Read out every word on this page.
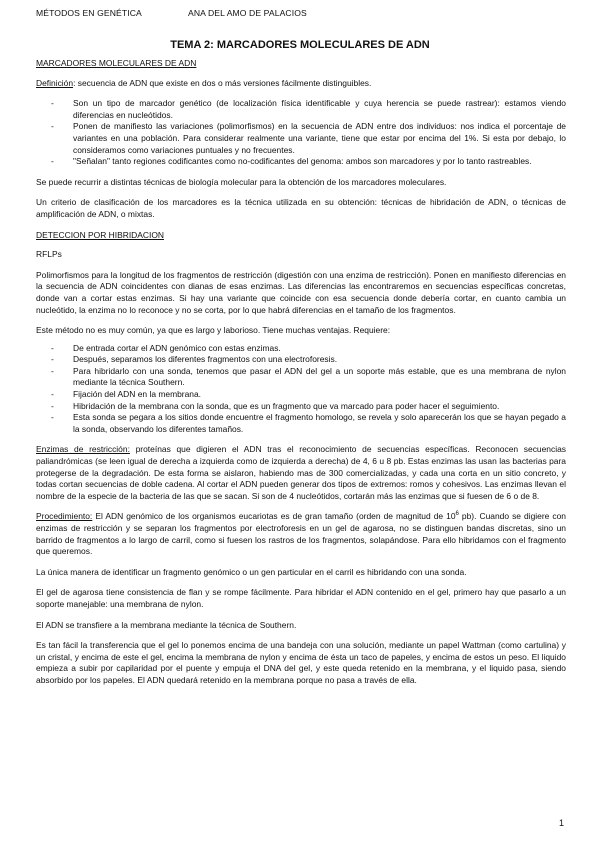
MÉTODOS EN GENÉTICA	ANA DEL AMO DE PALACIOS
TEMA 2: MARCADORES MOLECULARES DE ADN
MARCADORES MOLECULARES DE ADN

Definición: secuencia de ADN que existe en dos o más versiones fácilmente distinguibles.

- Son un tipo de marcador genético (de localización física identificable y cuya herencia se puede rastrear): estamos viendo diferencias en nucleótidos.
- Ponen de manifiesto las variaciones (polimorfismos) en la secuencia de ADN entre dos individuos: nos indica el porcentaje de variantes en una población. Para considerar realmente una variante, tiene que estar por encima del 1%. Si esta por debajo, lo consideramos como variaciones puntuales y no frecuentes.
- "Señalan" tanto regiones codificantes como no-codificantes del genoma: ambos son marcadores y por lo tanto rastreables.

Se puede recurrir a distintas técnicas de biología molecular para la obtención de los marcadores moleculares.

Un criterio de clasificación de los marcadores es la técnica utilizada en su obtención: técnicas de hibridación de ADN, o técnicas de amplificación de ADN, o mixtas.

DETECCION POR HIBRIDACION

RFLPs

Polimorfismos para la longitud de los fragmentos de restricción (digestión con una enzima de restricción). Ponen en manifiesto diferencias en la secuencia de ADN coincidentes con dianas de esas enzimas. Las diferencias las encontraremos en secuencias específicas concretas, donde van a cortar estas enzimas. Si hay una variante que coincide con esa secuencia donde debería cortar, en cuanto cambia un nucleótido, la enzima no lo reconoce y no se corta, por lo que habrá diferencias en el tamaño de los fragmentos.

Este método no es muy común, ya que es largo y laborioso. Tiene muchas ventajas. Requiere:

- De entrada cortar el ADN genómico con estas enzimas.
- Después, separamos los diferentes fragmentos con una electroforesis.
- Para hibridarlo con una sonda, tenemos que pasar el ADN del gel a un soporte más estable, que es una membrana de nylon mediante la técnica Southern.
- Fijación del ADN en la membrana.
- Hibridación de la membrana con la sonda, que es un fragmento que va marcado para poder hacer el seguimiento.
- Esta sonda se pegara a los sitios donde encuentre el fragmento homologo, se revela y solo aparecerán los que se hayan pegado a la sonda, observando los diferentes tamaños.

Enzimas de restricción: proteínas que digieren el ADN tras el reconocimiento de secuencias específicas. Reconocen secuencias paliandrómicas (se leen igual de derecha a izquierda como de izquierda a derecha) de 4, 6 u 8 pb. Estas enzimas las usan las bacterias para protegerse de la degradación. De esta forma se aislaron, habiendo mas de 300 comercializadas, y cada una corta en un sitio concreto, y todas cortan secuencias de doble cadena. Al cortar el ADN pueden generar dos tipos de extremos: romos y cohesivos. Las enzimas llevan el nombre de la especie de la bacteria de las que se sacan. Si son de 4 nucleótidos, cortarán más las enzimas que si fuesen de 6 o de 8.

Procedimiento: El ADN genómico de los organismos eucariotas es de gran tamaño (orden de magnitud de $10^6$ pb). Cuando se digiere con enzimas de restricción y se separan los fragmentos por electroforesis en un gel de agarosa, no se distinguen bandas discretas, sino un barrido de fragmentos a lo largo de carril, como si fuesen los rastros de los fragmentos, solapándose. Para ello hibridamos con el fragmento que queremos.

La única manera de identificar un fragmento genómico o un gen particular en el carril es hibridando con una sonda.

El gel de agarosa tiene consistencia de flan y se rompe fácilmente. Para hibridar el ADN contenido en el gel, primero hay que pasarlo a un soporte manejable: una membrana de nylon.

El ADN se transfiere a la membrana mediante la técnica de Southern.

Es tan fácil la transferencia que el gel lo ponemos encima de una bandeja con una solución, mediante un papel Wattman (como cartulina) y un cristal, y encima de este el gel, encima la membrana de nylon y encima de ésta un taco de papeles, y encima de estos un peso. El liquido empieza a subir por capilaridad por el puente y empuja el DNA del gel, y este queda retenido en la membrana, y el liquido pasa, siendo absorbido por los papeles. El ADN quedará retenido en la membrana porque no pasa a través de ella.

1
